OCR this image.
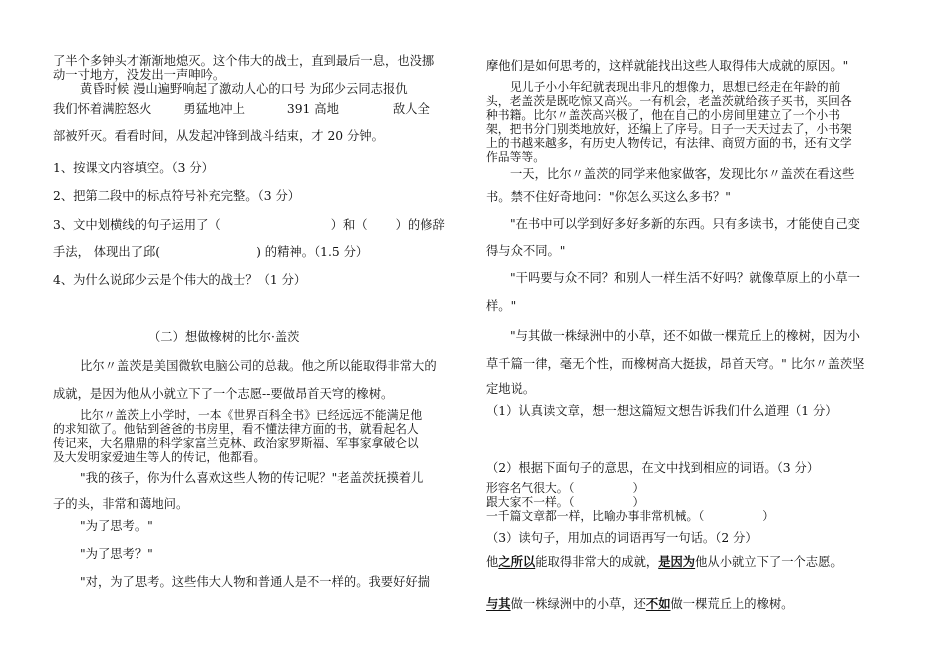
了半个多钟头才渐渐地熄灭。这个伟大的战士，直到最后一息，也没挪
动一寸地方，没发出一声呻吟。
黄昏时候 漫山遍野响起了激动人心的口号 为邱少云同志报仇
我们怀着满腔怒火	勇猛地冲上	391 高地	敌人全
部被歼灭。看看时间，从发起冲锋到战斗结束，才 20 分钟。
1、按课文内容填空。（3 分）
2、把第二段中的标点符号补充完整。（3 分）
3、文中划横线的句子运用了（	）和（ ）的修辞
手法， 体现出了邱(	) 的精神。（1.5 分）
4、为什么说邱少云是个伟大的战士？（1 分）
（二）想做橡树的比尔·盖茨
比尔〃盖茨是美国微软电脑公司的总裁。他之所以能取得非常大的
成就，是因为他从小就立下了一个志愿--要做昂首天穹的橡树。
比尔〃盖茨上小学时，一本《世界百科全书》已经远远不能满足他
的求知欲了。他钻到爸爸的书房里，看不懂法律方面的书，就看起名人
传记来，大名鼎鼎的科学家富兰克林、政治家罗斯福、军事家拿破仑以
及大发明家爱迪生等人的传记，他都看。
"我的孩子，你为什么喜欢这些人物的传记呢？"老盖茨抚摸着儿
子的头，非常和蔼地问。
"为了思考。"
"为了思考？"
"对，为了思考。这些伟大人物和普通人是不一样的。我要好好揣
摩他们是如何思考的，这样就能找出这些人取得伟大成就的原因。"
见儿子小小年纪就表现出非凡的想像力，思想已经走在年龄的前
头，老盖茨是既吃惊又高兴。一有机会，老盖茨就给孩子买书，买回各
种书籍。比尔〃盖茨高兴极了，他在自己的小房间里建立了一个小书
架，把书分门别类地放好，还编上了序号。日子一天天过去了，小书架
上的书越来越多，有历史人物传记，有法律、商贸方面的书，还有文学
作品等等。
一天，比尔〃盖茨的同学来他家做客，发现比尔〃盖茨在看这些
书。禁不住好奇地问："你怎么买这么多书？"
"在书中可以学到好多好多新的东西。只有多读书，才能使自己变
得与众不同。"
"干吗要与众不同？和别人一样生活不好吗？就像草原上的小草一
样。"
"与其做一株绿洲中的小草，还不如做一棵荒丘上的橡树，因为小
草千篇一律，毫无个性，而橡树高大挺拔，昂首天穹。" 比尔〃盖茨坚
定地说。
（1）认真读文章，想一想这篇短文想告诉我们什么道理（1 分）
（2）根据下面句子的意思，在文中找到相应的词语。（3 分）
形容名气很大。（	）
跟大家不一样。（	）
一千篇文章都一样，比喻办事非常机械。（	）
（3）读句子，用加点的词语再写一句话。（2 分）
他之所以能取得非常大的成就，是因为他从小就立下了一个志愿。
与其做一株绿洲中的小草，还不如做一棵荒丘上的橡树。
